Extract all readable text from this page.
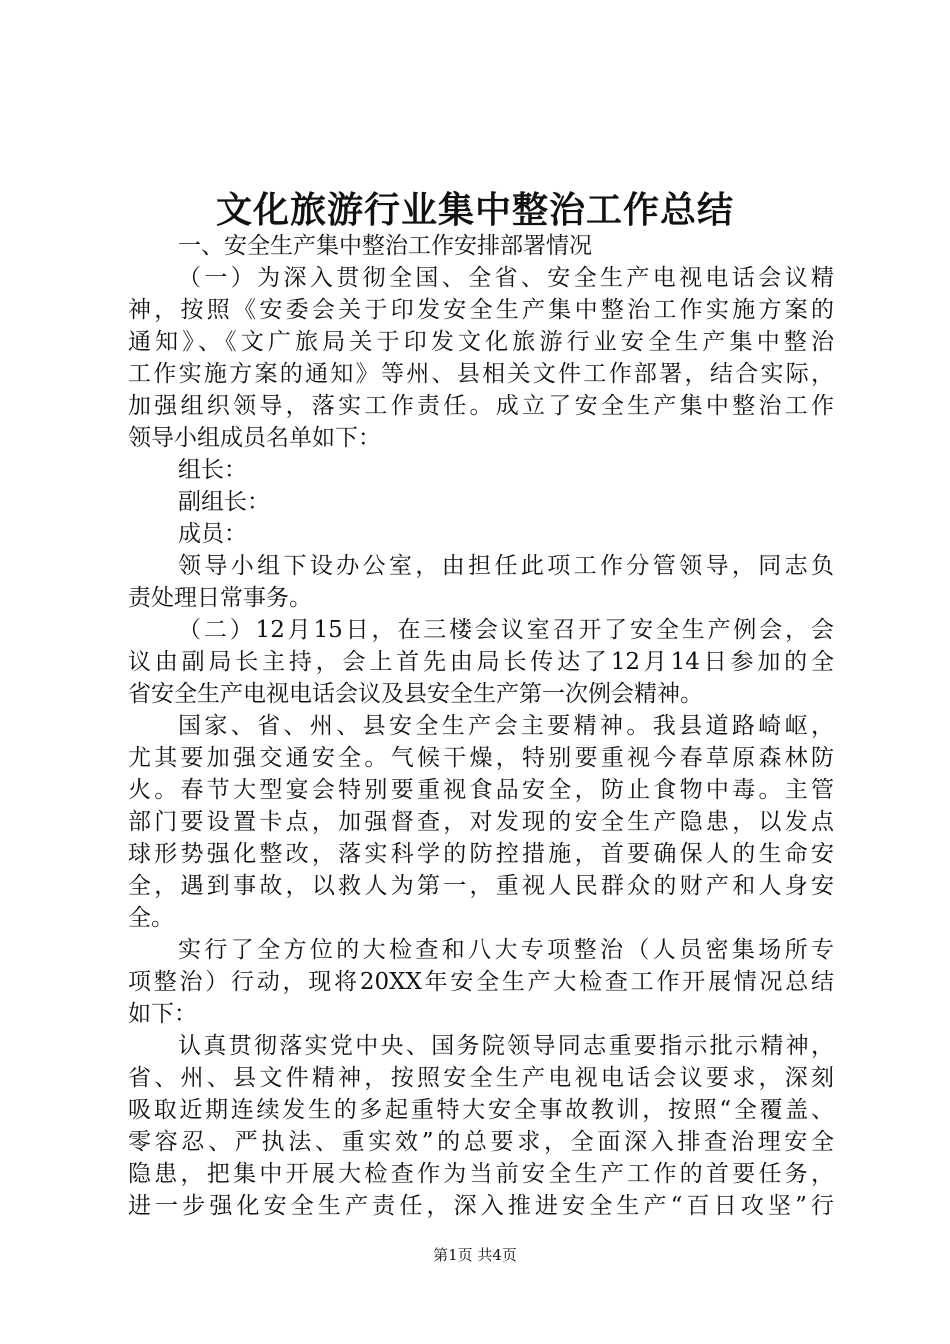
文化旅游行业集中整治工作总结
一、安全生产集中整治工作安排部署情况
（一）为深入贯彻全国、全省、安全生产电视电话会议精
神，按照《安委会关于印发安全生产集中整治工作实施方案的
通知》、《文广旅局关于印发文化旅游行业安全生产集中整治
工作实施方案的通知》等州、县相关文件工作部署，结合实际，
加强组织领导，落实工作责任。成立了安全生产集中整治工作
领导小组成员名单如下：
组长：
副组长：
成员：
领导小组下设办公室，由担任此项工作分管领导，同志负
责处理日常事务。
（二）12月15日，在三楼会议室召开了安全生产例会，会
议由副局长主持，会上首先由局长传达了12月14日参加的全
省安全生产电视电话会议及县安全生产第一次例会精神。
国家、省、州、县安全生产会主要精神。我县道路崎岖，
尤其要加强交通安全。气候干燥，特别要重视今春草原森林防
火。春节大型宴会特别要重视食品安全，防止食物中毒。主管
部门要设置卡点，加强督查，对发现的安全生产隐患，以发点
球形势强化整改，落实科学的防控措施，首要确保人的生命安
全，遇到事故，以救人为第一，重视人民群众的财产和人身安
全。
实行了全方位的大检查和八大专项整治（人员密集场所专
项整治）行动，现将20XX年安全生产大检查工作开展情况总结
如下：
认真贯彻落实党中央、国务院领导同志重要指示批示精神，
省、州、县文件精神，按照安全生产电视电话会议要求，深刻
吸取近期连续发生的多起重特大安全事故教训，按照“全覆盖、
零容忍、严执法、重实效”的总要求，全面深入排查治理安全
隐患，把集中开展大检查作为当前安全生产工作的首要任务，
进一步强化安全生产责任，深入推进安全生产“百日攻坚”行
第1页 共4页
